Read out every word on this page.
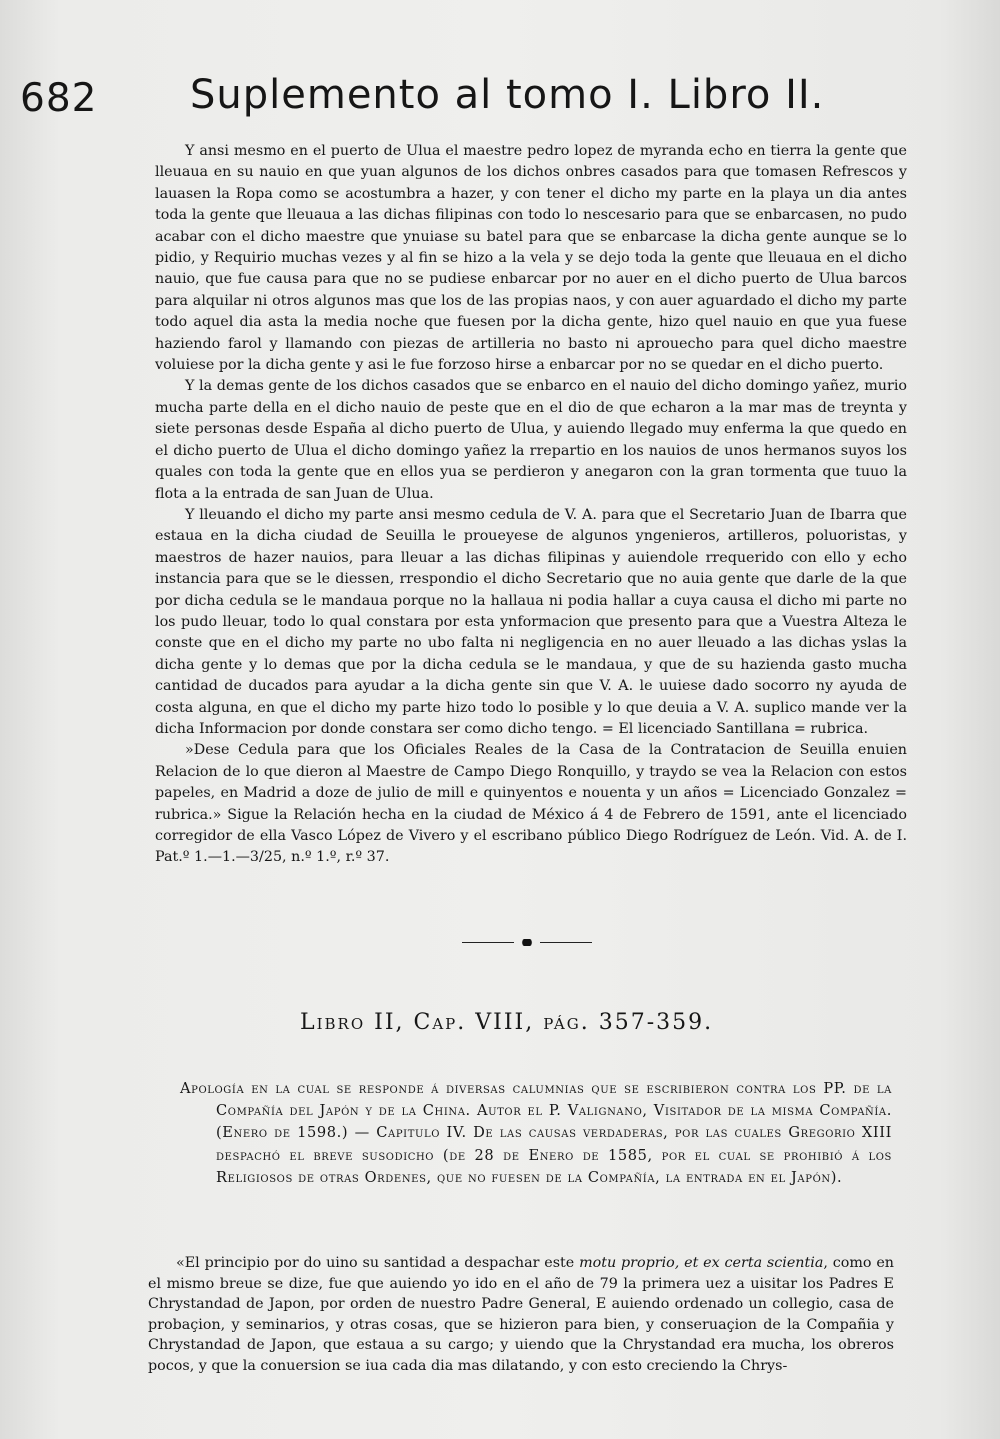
682 Suplemento al tomo I. Libro II.

Y ansi mesmo en el puerto de Ulua el maestre pedro lopez de myranda echo en tierra la gente que lleuaua en su nauio en que yuan algunos de los dichos onbres casados para que tomasen Refrescos y lauasen la Ropa como se acostumbra a hazer, y con tener el dicho my parte en la playa un dia antes toda la gente que lleuaua a las dichas filipinas con todo lo nescesario para que se enbarcasen, no pudo acabar con el dicho maestre que ynuiase su batel para que se enbarcase la dicha gente aunque se lo pidio, y Requirio muchas vezes y al fin se hizo a la vela y se dejo toda la gente que lleuaua en el dicho nauio, que fue causa para que no se pudiese enbarcar por no auer en el dicho puerto de Ulua barcos para alquilar ni otros algunos mas que los de las propias naos, y con auer aguardado el dicho my parte todo aquel dia asta la media noche que fuesen por la dicha gente, hizo quel nauio en que yua fuese haziendo farol y llamando con piezas de artilleria no basto ni aprouecho para quel dicho maestre voluiese por la dicha gente y asi le fue forzoso hirse a enbarcar por no se quedar en el dicho puerto.

Y la demas gente de los dichos casados que se enbarco en el nauio del dicho domingo yañez, murio mucha parte della en el dicho nauio de peste que en el dio de que echaron a la mar mas de treynta y siete personas desde España al dicho puerto de Ulua, y auiendo llegado muy enferma la que quedo en el dicho puerto de Ulua el dicho domingo yañez la rrepartio en los nauios de unos hermanos suyos los quales con toda la gente que en ellos yua se perdieron y anegaron con la gran tormenta que tuuo la flota a la entrada de san Juan de Ulua.

Y lleuando el dicho my parte ansi mesmo cedula de V. A. para que el Secretario Juan de Ibarra que estaua en la dicha ciudad de Seuilla le proueyese de algunos yngenieros, artilleros, poluoristas, y maestros de hazer nauios, para lleuar a las dichas filipinas y auiendole rrequerido con ello y echo instancia para que se le diessen, rrespondio el dicho Secretario que no auia gente que darle de la que por dicha cedula se le mandaua porque no la hallaua ni podia hallar a cuya causa el dicho mi parte no los pudo lleuar, todo lo qual constara por esta ynformacion que presento para que a Vuestra Alteza le conste que en el dicho my parte no ubo falta ni negligencia en no auer lleuado a las dichas yslas la dicha gente y lo demas que por la dicha cedula se le mandaua, y que de su hazienda gasto mucha cantidad de ducados para ayudar a la dicha gente sin que V. A. le uuiese dado socorro ny ayuda de costa alguna, en que el dicho my parte hizo todo lo posible y lo que deuia a V. A. suplico mande ver la dicha Informacion por donde constara ser como dicho tengo. = El licenciado Santillana = rubrica.

»Dese Cedula para que los Oficiales Reales de la Casa de la Contratacion de Seuilla enuien Relacion de lo que dieron al Maestre de Campo Diego Ronquillo, y traydo se vea la Relacion con estos papeles, en Madrid a doze de julio de mill e quinyentos e nouenta y un años = Licenciado Gonzalez = rubrica.» Sigue la Relación hecha en la ciudad de México á 4 de Febrero de 1591, ante el licenciado corregidor de ella Vasco López de Vivero y el escribano público Diego Rodríguez de León. Vid. A. de I. Pat.º 1.—1.—3/25, n.º 1.º, r.º 37.

Libro II, Cap. VIII, pág. 357-359.

Apología en la cual se responde á diversas calumnias que se escribieron contra los PP. de la Compañía del Japón y de la China. Autor el P. Valignano, Visitador de la misma Compañía. (Enero de 1598.) — Capitulo IV. De las causas verdaderas, por las cuales Gregorio XIII despachó el breve susodicho (de 28 de Enero de 1585, por el cual se prohibió á los Religiosos de otras Ordenes, que no fuesen de la Compañía, la entrada en el Japón).

«El principio por do uino su santidad a despachar este motu proprio, et ex certa scientia, como en el mismo breue se dize, fue que auiendo yo ido en el año de 79 la primera uez a uisitar los Padres E Chrystandad de Japon, por orden de nuestro Padre General, E auiendo ordenado un collegio, casa de probaçion, y seminarios, y otras cosas, que se hizieron para bien, y conseruaçion de la Compañia y Chrystandad de Japon, que estaua a su cargo; y uiendo que la Chrystandad era mucha, los obreros pocos, y que la conuersion se iua cada dia mas dilatando, y con esto creciendo la Chrys-
